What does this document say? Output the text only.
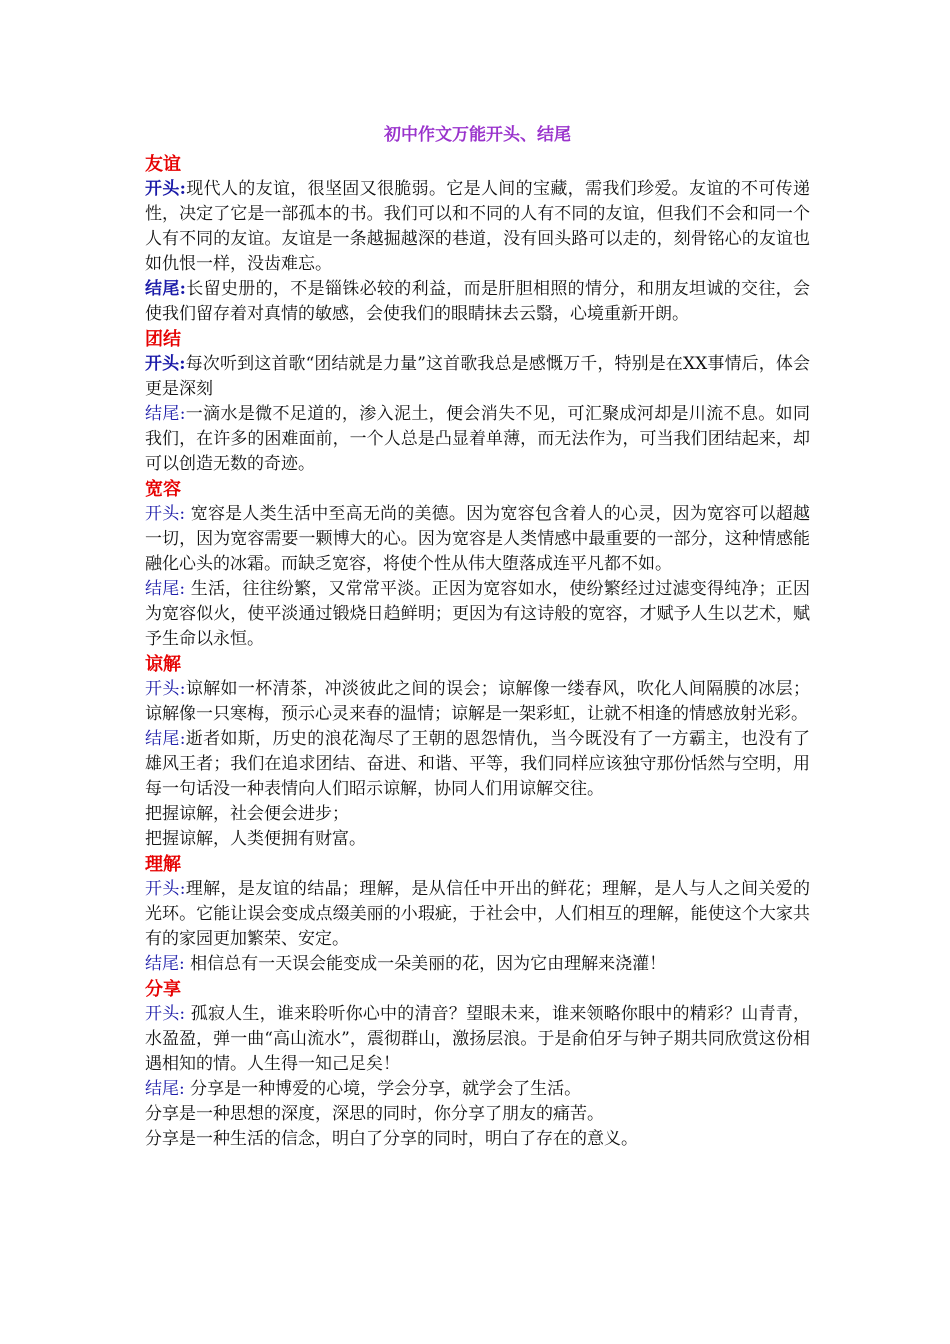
初中作文万能开头、结尾
友谊
开头:现代人的友谊，很坚固又很脆弱。它是人间的宝藏，需我们珍爱。友谊的不可传递性，决定了它是一部孤本的书。我们可以和不同的人有不同的友谊，但我们不会和同一个人有不同的友谊。友谊是一条越掘越深的巷道，没有回头路可以走的，刻骨铭心的友谊也如仇恨一样，没齿难忘。
结尾:长留史册的，不是锱铢必较的利益，而是肝胆相照的情分，和朋友坦诚的交往，会使我们留存着对真情的敏感，会使我们的眼睛抹去云翳，心境重新开朗。
团结
开头:每次听到这首歌“团结就是力量”这首歌我总是感慨万千，特别是在XX事情后，体会更是深刻
结尾:一滴水是微不足道的，渗入泥土，便会消失不见，可汇聚成河却是川流不息。如同我们，在许多的困难面前，一个人总是凸显着单薄，而无法作为，可当我们团结起来，却可以创造无数的奇迹。
宽容
开头: 宽容是人类生活中至高无尚的美德。因为宽容包含着人的心灵，因为宽容可以超越一切，因为宽容需要一颗博大的心。因为宽容是人类情感中最重要的一部分，这种情感能融化心头的冰霜。而缺乏宽容，将使个性从伟大堕落成连平凡都不如。
结尾: 生活，往往纷繁，又常常平淡。正因为宽容如水，使纷繁经过过滤变得纯净；正因为宽容似火，使平淡通过锻烧日趋鲜明；更因为有这诗般的宽容，才赋予人生以艺术，赋予生命以永恒。
谅解
开头:谅解如一杯清茶，冲淡彼此之间的误会；谅解像一缕春风，吹化人间隔膜的冰层；谅解像一只寒梅，预示心灵来春的温情；谅解是一架彩虹，让就不相逢的情感放射光彩。
结尾:逝者如斯，历史的浪花淘尽了王朝的恩怨情仇，当今既没有了一方霸主，也没有了雄风王者；我们在追求团结、奋进、和谐、平等，我们同样应该独守那份恬然与空明，用每一句话没一种表情向人们昭示谅解，协同人们用谅解交往。
把握谅解，社会便会进步；
把握谅解，人类便拥有财富。
理解
开头:理解，是友谊的结晶；理解，是从信任中开出的鲜花；理解，是人与人之间关爱的光环。它能让误会变成点缀美丽的小瑕疵，于社会中，人们相互的理解，能使这个大家共有的家园更加繁荣、安定。
结尾: 相信总有一天误会能变成一朵美丽的花，因为它由理解来浇灌！
分享
开头: 孤寂人生，谁来聆听你心中的清音？望眼未来，谁来领略你眼中的精彩？山青青，水盈盈，弹一曲“高山流水”，震彻群山，激扬层浪。于是俞伯牙与钟子期共同欣赏这份相遇相知的情。人生得一知己足矣！
结尾: 分享是一种博爱的心境，学会分享，就学会了生活。
分享是一种思想的深度，深思的同时，你分享了朋友的痛苦。
分享是一种生活的信念，明白了分享的同时，明白了存在的意义。
